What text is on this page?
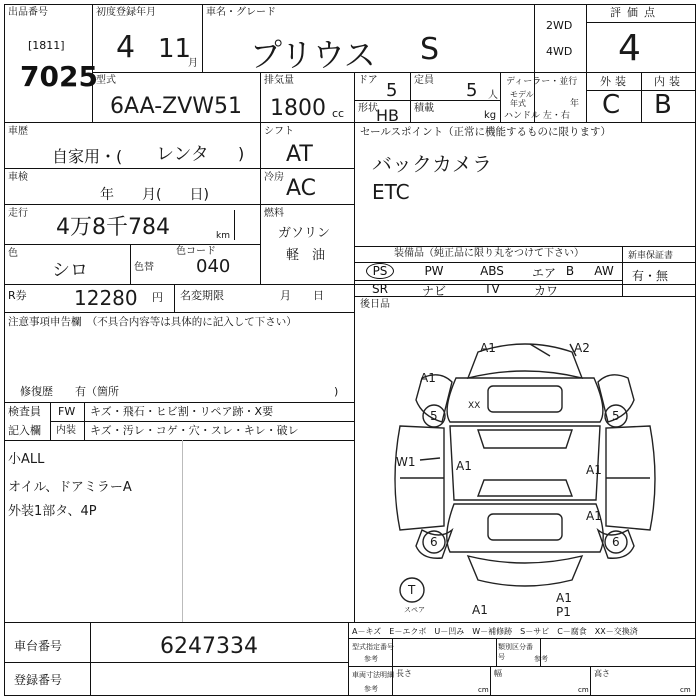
出品番号
[1811]
7025
初度登録年月
4 11
月
車名・グレード
プリウス S
2WD
4WD
評価点
4
型式
6AA-ZVW51
排気量
1800 cc
ドア 5 定員 5 人
形状
HB 積載
kg
ディーラー・並行
モデル年式	年
ハンドル 左・右
外装 内装
C B
車歴
自家用・( レンタ )
シフト
AT
車検
年　　月(　　日)
冷房 AC
走行
4万8千784	km
燃料
ガソリン
軽　油
色
シロ	色替
色コード
040
R券 12280 円 名変期限	月　　日
セールスポイント（正常に機能するものに限ります）
バックカメラ
ETC
装備品（純正品に限り丸をつけて下さい）	新車保証書
有・無
PS	PW	ABS	エア B	AW
SR	ナビ	TV	カワ
後日品
注意事項申告欄　（不具合内容等は具体的に記入して下さい）
修復歴　　有（箇所	)
検査員
記入欄
FW キズ・飛石・ヒビ割・リペア跡・X要
内装 キズ・汚レ・コゲ・穴・スレ・キレ・破レ
小ALL
オイル、ドアミラーA
外装1部タ、4P
A1	A2
A1
XX
5	5
W1	A1	A1
A1
6	6
T
A1
A1
P1
スペア
車台番号	6247334
登録番号
A－キズ　E－エクボ　U－凹み　W－補修跡　S－サビ　C－腐食　XX－交換済
型式指定番号
参考
類別区分番号	参考
車両寸法明細
参考
長さ	幅	高さ
cm	cm	cm
